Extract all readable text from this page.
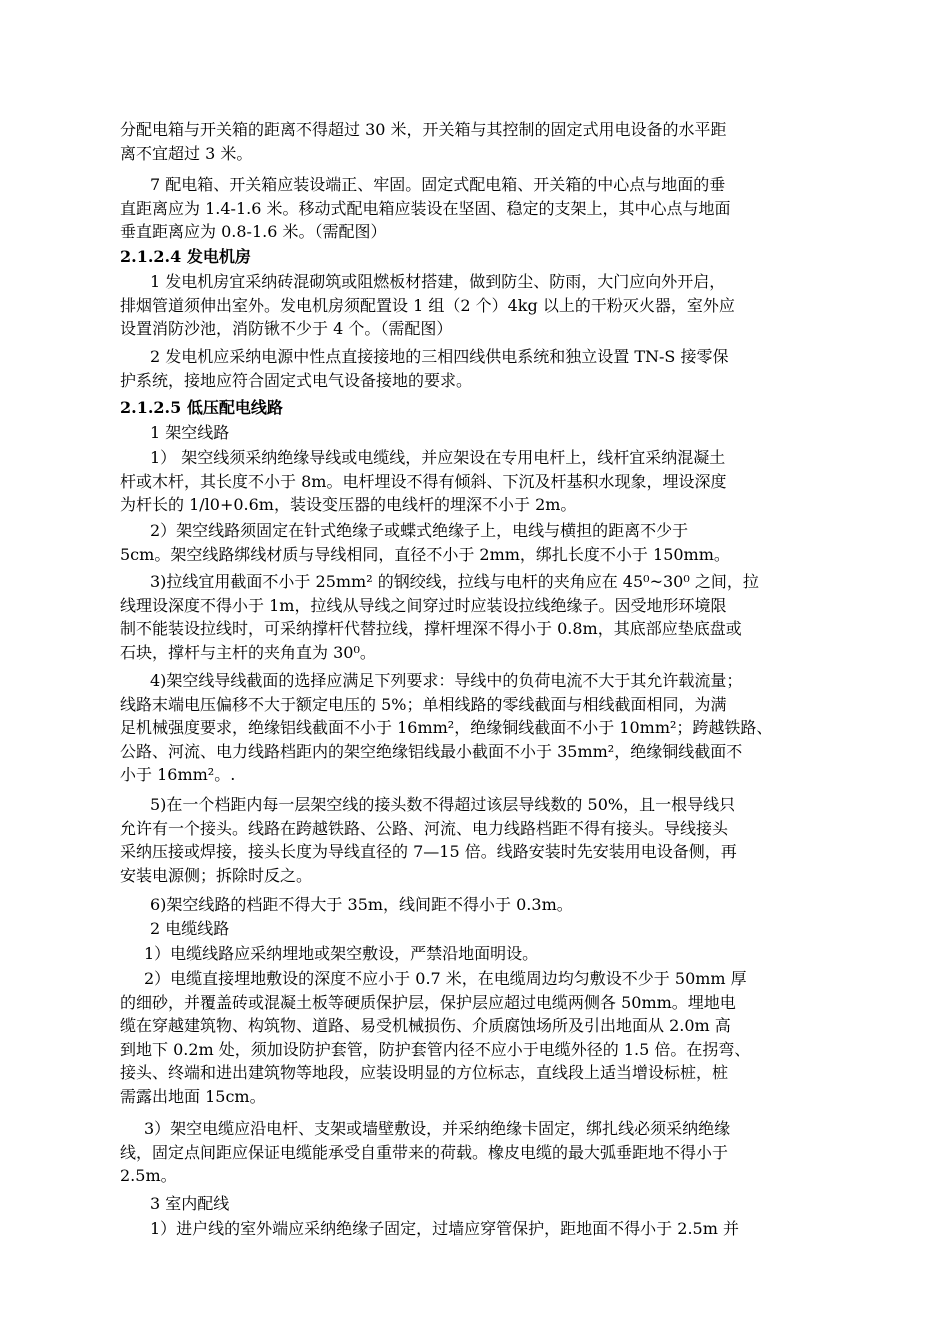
分配电箱与开关箱的距离不得超过 30 米，开关箱与其控制的固定式用电设备的水平距
离不宜超过 3 米。
7 配电箱、开关箱应装设端正、牢固。固定式配电箱、开关箱的中心点与地面的垂
直距离应为 1.4-1.6 米。移动式配电箱应装设在坚固、稳定的支架上，其中心点与地面
垂直距离应为 0.8-1.6 米。（需配图）
2.1.2.4 发电机房
1 发电机房宜采纳砖混砌筑或阻燃板材搭建，做到防尘、防雨，大门应向外开启，
排烟管道须伸出室外。发电机房须配置设 1 组（2 个）4kg 以上的干粉灭火器，室外应
设置消防沙池，消防锹不少于 4 个。（需配图）
2 发电机应采纳电源中性点直接接地的三相四线供电系统和独立设置 TN-S 接零保
护系统，接地应符合固定式电气设备接地的要求。
2.1.2.5 低压配电线路
1 架空线路
1） 架空线须采纳绝缘导线或电缆线，并应架设在专用电杆上，线杆宜采纳混凝土
杆或木杆，其长度不小于 8m。电杆埋设不得有倾斜、下沉及杆基积水现象，埋设深度
为杆长的 1/l0+0.6m，装设变压器的电线杆的埋深不小于 2m。
2）架空线路须固定在针式绝缘子或蝶式绝缘子上，电线与横担的距离不少于
5cm。架空线路绑线材质与导线相同，直径不小于 2mm，绑扎长度不小于 150mm。
3)拉线宜用截面不小于 25mm² 的钢绞线，拉线与电杆的夹角应在 45⁰~30⁰ 之间，拉
线理设深度不得小于 1m，拉线从导线之间穿过时应装设拉线绝缘子。因受地形环境限
制不能装设拉线时，可采纳撑杆代替拉线，撑杆埋深不得小于 0.8m，其底部应垫底盘或
石块，撑杆与主杆的夹角直为 30⁰。
4)架空线导线截面的选择应满足下列要求：导线中的负荷电流不大于其允许载流量；
线路末端电压偏移不大于额定电压的 5%；单相线路的零线截面与相线截面相同，为满
足机械强度要求，绝缘铝线截面不小于 16mm²，绝缘铜线截面不小于 10mm²；跨越铁路、
公路、河流、电力线路档距内的架空绝缘铝线最小截面不小于 35mm²，绝缘铜线截面不
小于 16mm²。.
5)在一个档距内每一层架空线的接头数不得超过该层导线数的 50%，且一根导线只
允许有一个接头。线路在跨越铁路、公路、河流、电力线路档距不得有接头。导线接头
采纳压接或焊接，接头长度为导线直径的 7—15 倍。线路安装时先安装用电设备侧，再
安装电源侧；拆除时反之。
6)架空线路的档距不得大于 35m，线间距不得小于 0.3m。
2 电缆线路
1）电缆线路应采纳埋地或架空敷设，严禁沿地面明设。
2）电缆直接埋地敷设的深度不应小于 0.7 米，在电缆周边均匀敷设不少于 50mm 厚
的细砂，并覆盖砖或混凝土板等硬质保护层，保护层应超过电缆两侧各 50mm。埋地电
缆在穿越建筑物、构筑物、道路、易受机械损伤、介质腐蚀场所及引出地面从 2.0m 高
到地下 0.2m 处，须加设防护套管，防护套管内径不应小于电缆外径的 1.5 倍。在拐弯、
接头、终端和进出建筑物等地段，应装设明显的方位标志，直线段上适当增设标桩，桩
需露出地面 15cm。
3）架空电缆应沿电杆、支架或墙壁敷设，并采纳绝缘卡固定，绑扎线必须采纳绝缘
线，固定点间距应保证电缆能承受自重带来的荷载。橡皮电缆的最大弧垂距地不得小于
2.5m。
3 室内配线
1）进户线的室外端应采纳绝缘子固定，过墙应穿管保护，距地面不得小于 2.5m 并
